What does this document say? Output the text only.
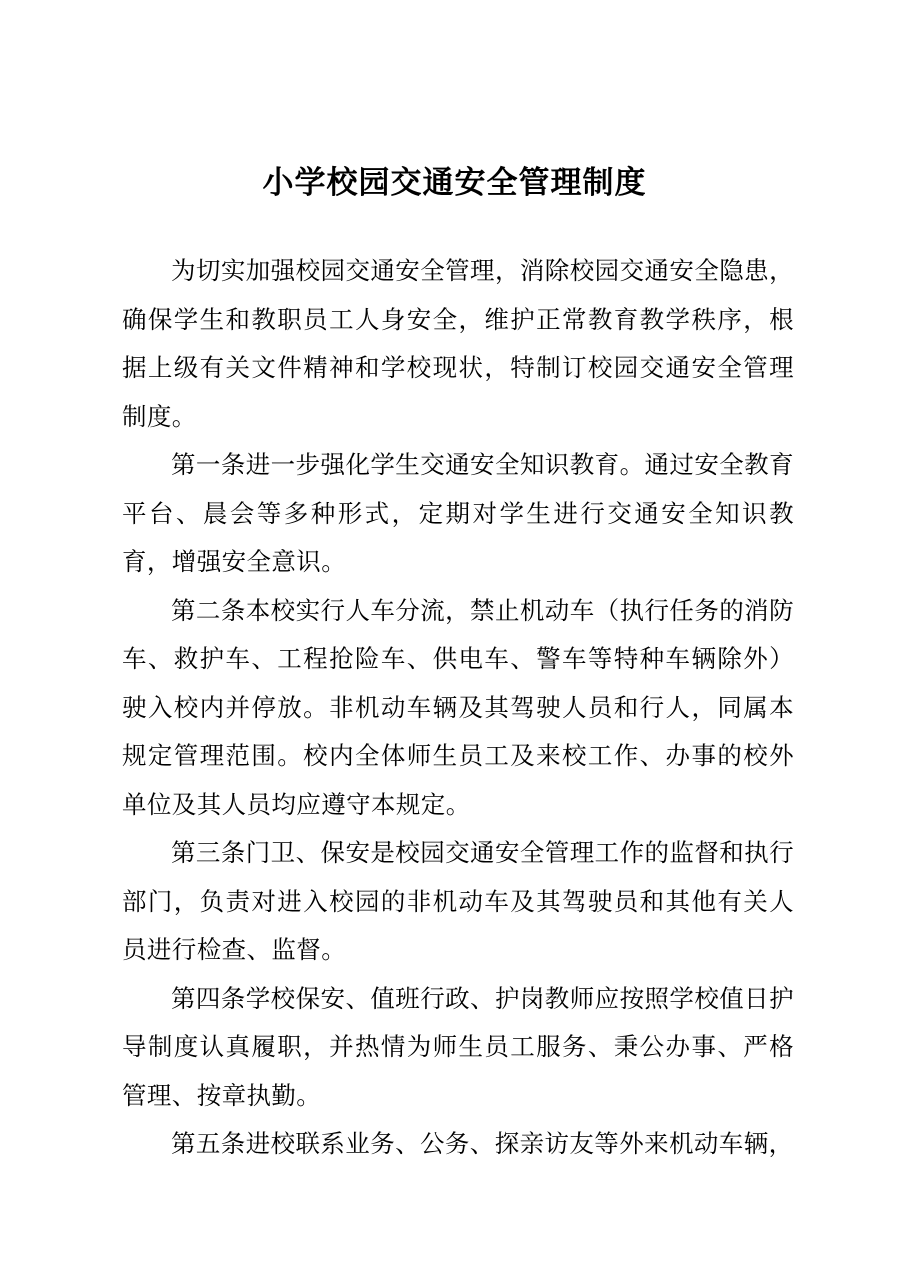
小学校园交通安全管理制度

为切实加强校园交通安全管理，消除校园交通安全隐患，确保学生和教职员工人身安全，维护正常教育教学秩序，根据上级有关文件精神和学校现状，特制订校园交通安全管理制度。

第一条进一步强化学生交通安全知识教育。通过安全教育平台、晨会等多种形式，定期对学生进行交通安全知识教育，增强安全意识。

第二条本校实行人车分流，禁止机动车（执行任务的消防车、救护车、工程抢险车、供电车、警车等特种车辆除外）驶入校内并停放。非机动车辆及其驾驶人员和行人，同属本规定管理范围。校内全体师生员工及来校工作、办事的校外单位及其人员均应遵守本规定。

第三条门卫、保安是校园交通安全管理工作的监督和执行部门，负责对进入校园的非机动车及其驾驶员和其他有关人员进行检查、监督。

第四条学校保安、值班行政、护岗教师应按照学校值日护导制度认真履职，并热情为师生员工服务、秉公办事、严格管理、按章执勤。

第五条进校联系业务、公务、探亲访友等外来机动车辆，
